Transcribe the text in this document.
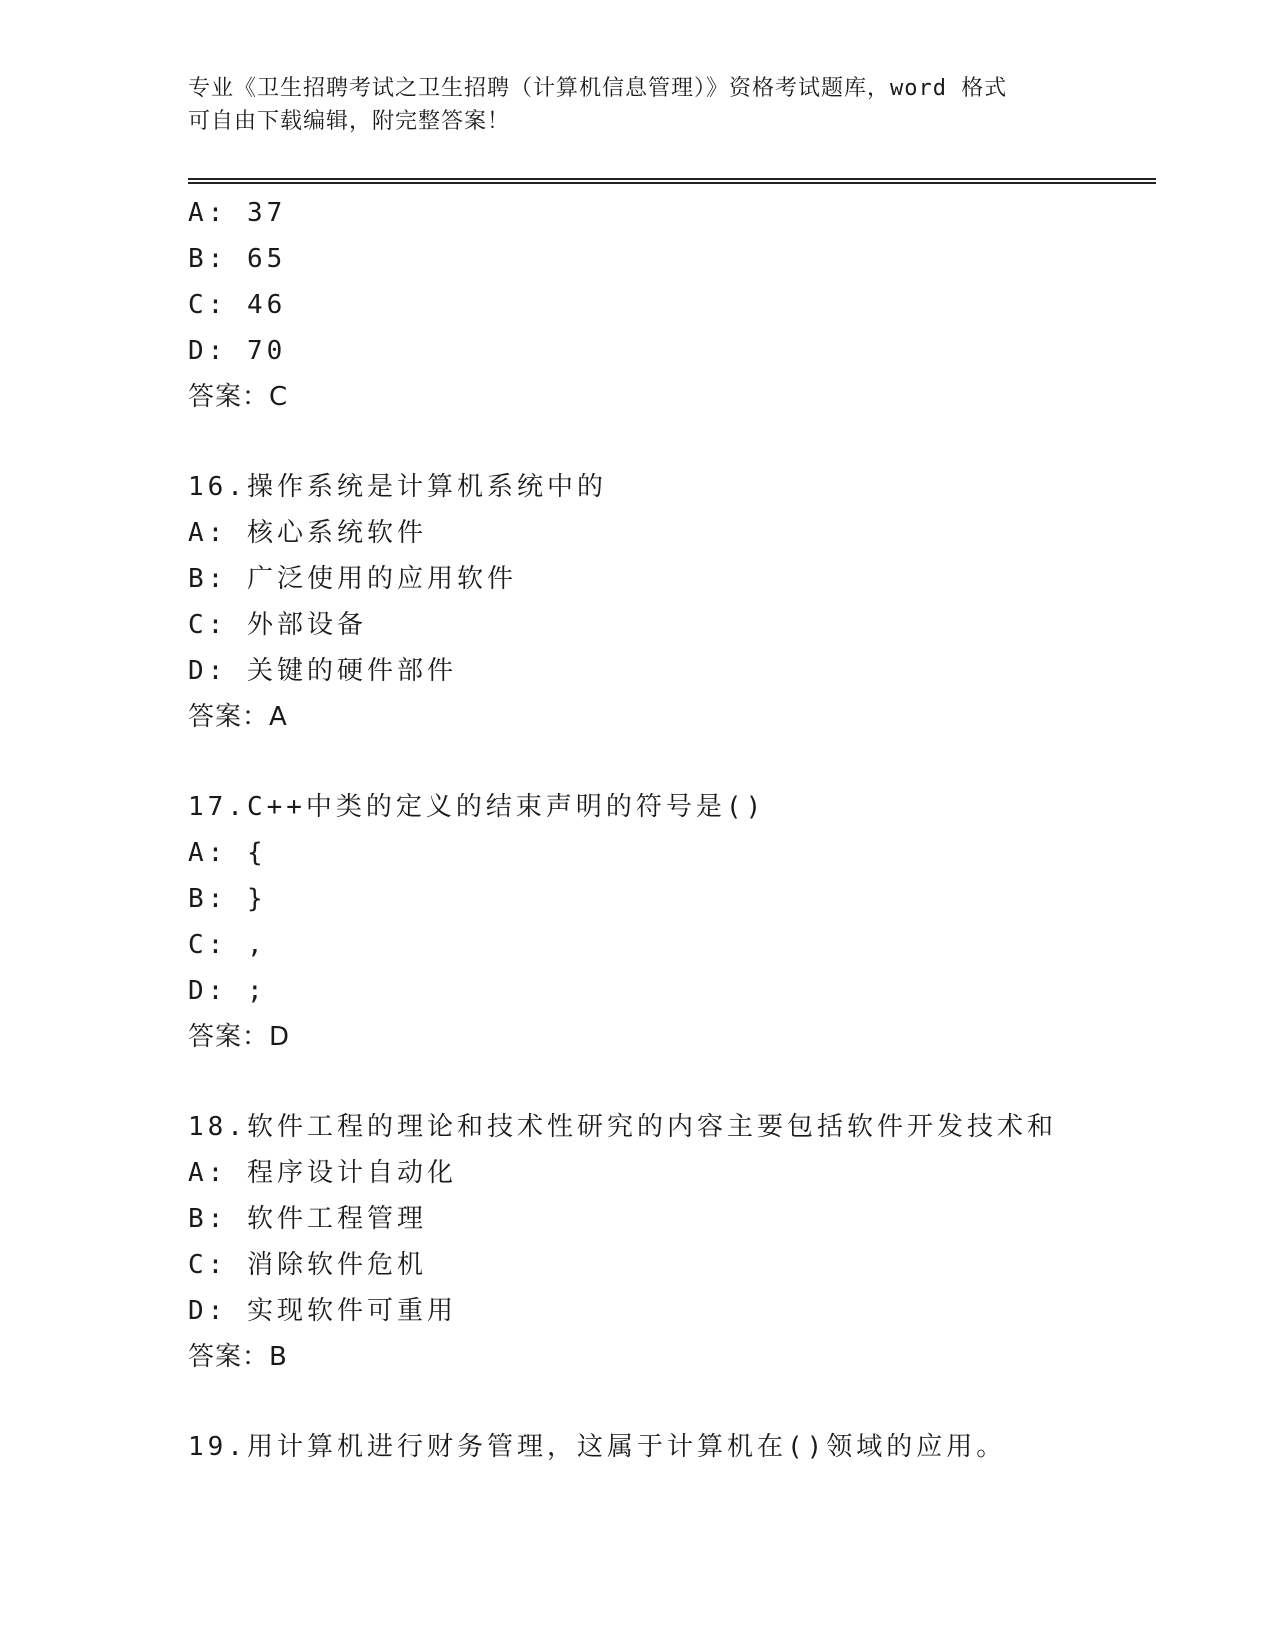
专业《卫生招聘考试之卫生招聘（计算机信息管理）》资格考试题库，word 格式
可自由下载编辑，附完整答案！
A: 37
B: 65
C: 46
D: 70
答案：C
16.操作系统是计算机系统中的
A: 核心系统软件
B: 广泛使用的应用软件
C: 外部设备
D: 关键的硬件部件
答案：A
17.C++中类的定义的结束声明的符号是()
A: {
B: }
C: ,
D: ;
答案：D
18.软件工程的理论和技术性研究的内容主要包括软件开发技术和
A: 程序设计自动化
B: 软件工程管理
C: 消除软件危机
D: 实现软件可重用
答案：B
19.用计算机进行财务管理，这属于计算机在()领域的应用。
